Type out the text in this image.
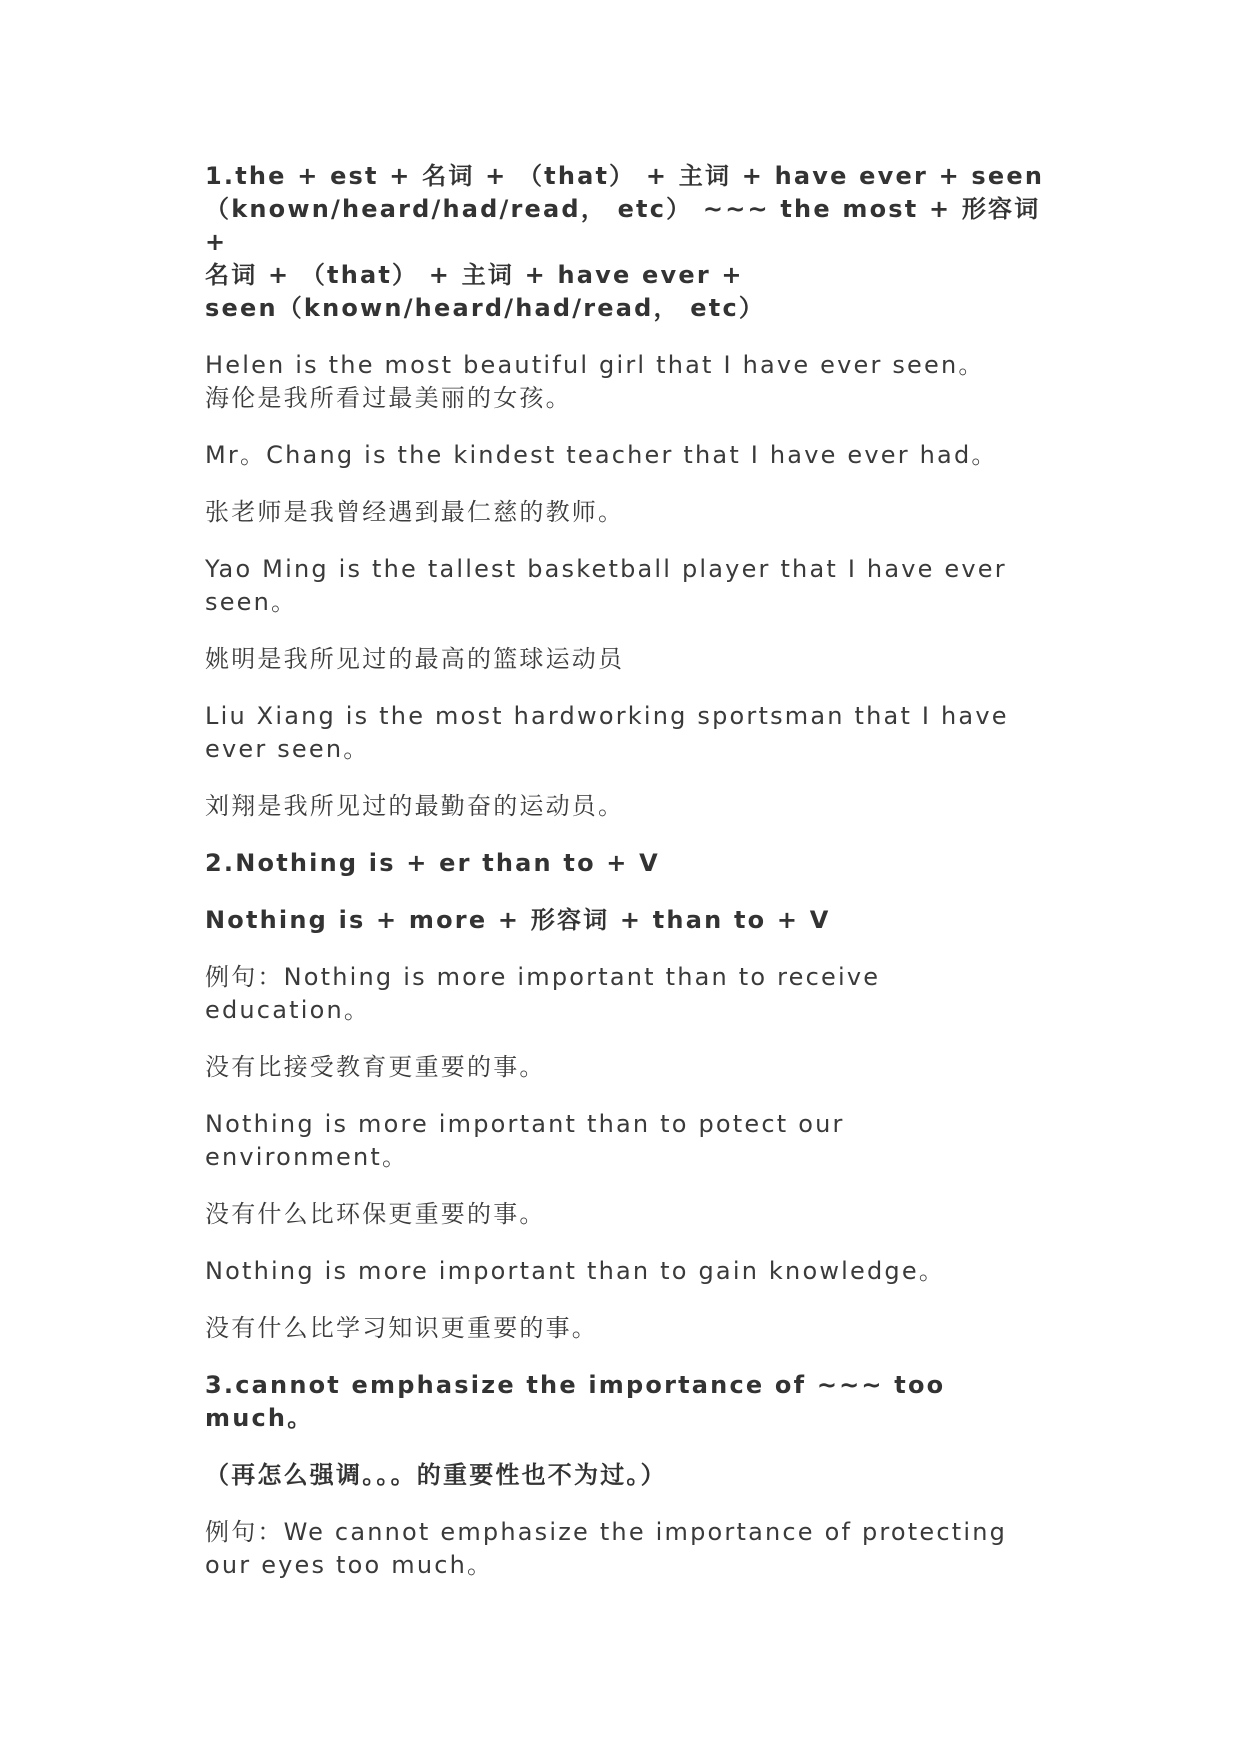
1.the + est + 名词 + （that） + 主词 + have ever + seen
（known/heard/had/read， etc） ~~~ the most + 形容词 +
名词 + （that） + 主词 + have ever +
seen（known/heard/had/read， etc）
Helen is the most beautiful girl that I have ever seen。
海伦是我所看过最美丽的女孩。
Mr。Chang is the kindest teacher that I have ever had。
张老师是我曾经遇到最仁慈的教师。
Yao Ming is the tallest basketball player that I have ever
seen。
姚明是我所见过的最高的篮球运动员
Liu Xiang is the most hardworking sportsman that I have
ever seen。
刘翔是我所见过的最勤奋的运动员。
2.Nothing is + er than to + V
Nothing is + more + 形容词 + than to + V
例句：Nothing is more important than to receive education。
没有比接受教育更重要的事。
Nothing is more important than to potect our
environment。
没有什么比环保更重要的事。
Nothing is more important than to gain knowledge。
没有什么比学习知识更重要的事。
3.cannot emphasize the importance of ~~~ too much。
（再怎么强调。。。的重要性也不为过。）
例句：We cannot emphasize the importance of protecting
our eyes too much。
